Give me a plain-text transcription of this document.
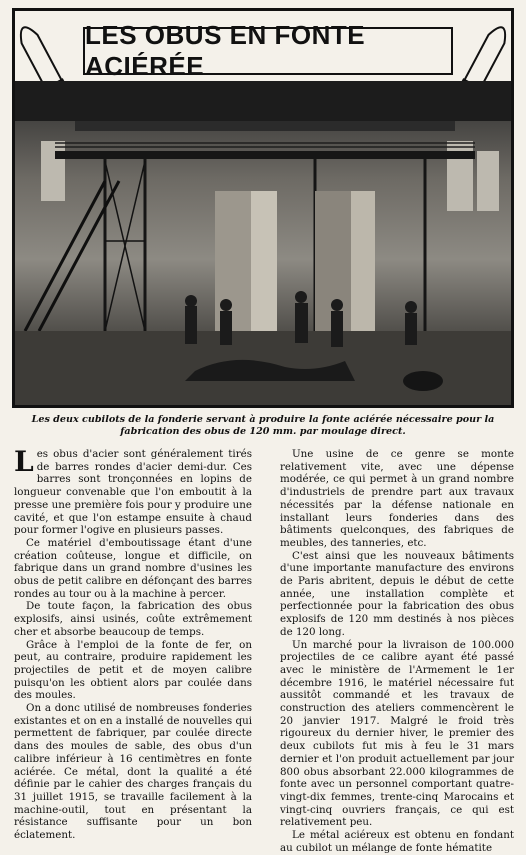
LES OBUS EN FONTE ACIÉRÉE
Les deux cubilots de la fonderie servant à produire la fonte aciérée nécessaire pour la fabrication des obus de 120 mm. par moulage direct.

Les obus d'acier sont généralement tirés de barres rondes d'acier demi-dur. Ces barres sont tronçonnées en lopins de longueur convenable que l'on emboutit à la presse une première fois pour y produire une cavité, et que l'on estampe ensuite à chaud pour former l'ogive en plusieurs passes.

Ce matériel d'emboutissage étant d'une création coûteuse, longue et difficile, on fabrique dans un grand nombre d'usines les obus de petit calibre en défonçant des barres rondes au tour ou à la machine à percer.

De toute façon, la fabrication des obus explosifs, ainsi usinés, coûte extrêmement cher et absorbe beaucoup de temps.

Grâce à l'emploi de la fonte de fer, on peut, au contraire, produire rapidement les projectiles de petit et de moyen calibre puisqu'on les obtient alors par coulée dans des moules.

On a donc utilisé de nombreuses fonderies existantes et on en a installé de nouvelles qui permettent de fabriquer, par coulée directe dans des moules de sable, des obus d'un calibre inférieur à 16 centimètres en fonte aciérée. Ce métal, dont la qualité a été définie par le cahier des charges français du 31 juillet 1915, se travaille facilement à la machine-outil, tout en présentant la résistance suffisante pour un bon éclatement.

Une usine de ce genre se monte relativement vite, avec une dépense modérée, ce qui permet à un grand nombre d'industriels de prendre part aux travaux nécessités par la défense nationale en installant leurs fonderies dans des bâtiments quelconques, des fabriques de meubles, des tanneries, etc.

C'est ainsi que les nouveaux bâtiments d'une importante manufacture des environs de Paris abritent, depuis le début de cette année, une installation complète et perfectionnée pour la fabrication des obus explosifs de 120 mm destinés à nos pièces de 120 long.

Un marché pour la livraison de 100.000 projectiles de ce calibre ayant été passé avec le ministère de l'Armement le 1er décembre 1916, le matériel nécessaire fut aussitôt commandé et les travaux de construction des ateliers commencèrent le 20 janvier 1917. Malgré le froid très rigoureux du dernier hiver, le premier des deux cubilots fut mis à feu le 31 mars dernier et l'on produit actuellement par jour 800 obus absorbant 22.000 kilogrammes de fonte avec un personnel comportant quatre-vingt-dix femmes, trente-cinq Marocains et vingt-cinq ouvriers français, ce qui est relativement peu.

Le métal aciéreux est obtenu en fondant au cubilot un mélange de fonte hématite
